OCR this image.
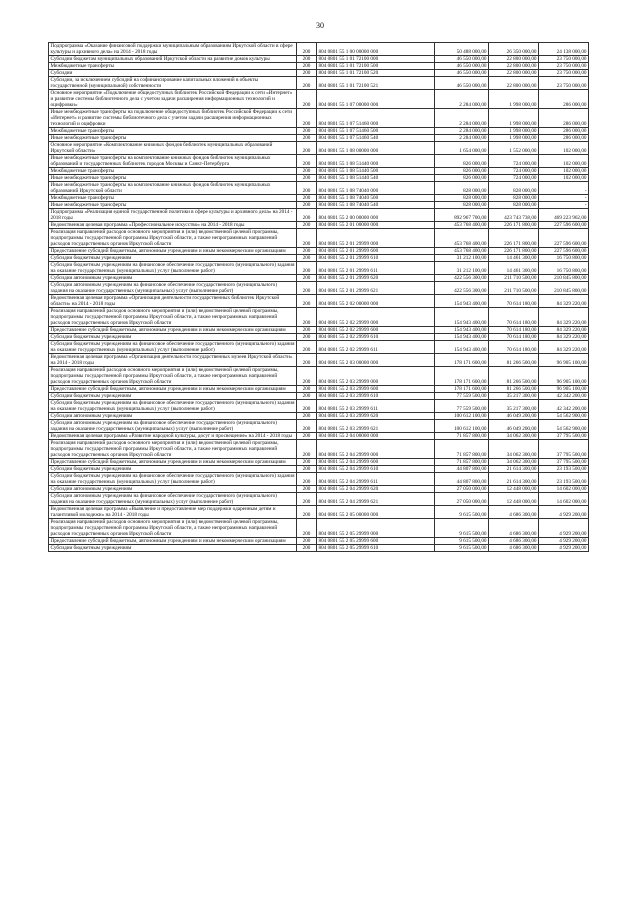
30
Подпрограмма «Оказание финансовой поддержки муниципальным образованиям Иркутской области в сфере культуры и архивного дела» на 2014 - 2018 годы	200	804 0801 55 1 00 00000 000	50 488 000,00	26 350 000,00	24 138 000,00
Субсидии бюджетам муниципальных образований Иркутской области на развитие домов культуры	200	804 0801 55 1 01 72100 000	46 550 000,00	22 800 000,00	23 750 000,00
Межбюджетные трансферты	200	804 0801 55 1 01 72100 500	46 550 000,00	22 800 000,00	23 750 000,00
Субсидии	200	804 0801 55 1 01 72100 520	46 550 000,00	22 800 000,00	23 750 000,00
Субсидии, за исключением субсидий на софинансирование капитальных вложений в объекты государственной (муниципальной) собственности	200	804 0801 55 1 01 72100 521	46 550 000,00	22 800 000,00	23 750 000,00
Основное мероприятие «Подключение общедоступных библиотек Российской Федерации к сети «Интернет» и развитие системы библиотечного дела с учетом задачи расширения информационных технологий и оцифровки»	200	804 0801 55 1 07 00000 000	2 284 000,00	1 998 000,00	286 000,00
Иные межбюджетные трансферты на подключение общедоступных библиотек Российской Федерации к сети «Интернет» и развитие системы библиотечного дела с учетом задачи расширения информационных технологий и оцифровки	200	804 0801 55 1 07 51460 000	2 284 000,00	1 998 000,00	286 000,00
Межбюджетные трансферты	200	804 0801 55 1 07 51460 500	2 284 000,00	1 998 000,00	286 000,00
Иные межбюджетные трансферты	200	804 0801 55 1 07 51460 540	2 284 000,00	1 998 000,00	286 000,00
Основное мероприятие «Комплектование книжных фондов библиотек муниципальных образований Иркутской области»	200	804 0801 55 1 08 00000 000	1 654 000,00	1 552 000,00	102 000,00
Иные межбюджетные трансферты на комплектование книжных фондов библиотек муниципальных образований и государственных библиотек городов Москвы и Санкт-Петербурга	200	804 0801 55 1 08 51440 000	826 000,00	724 000,00	102 000,00
Межбюджетные трансферты	200	804 0801 55 1 08 51440 500	826 000,00	724 000,00	102 000,00
Иные межбюджетные трансферты	200	804 0801 55 1 08 51440 540	826 000,00	724 000,00	102 000,00
Иные межбюджетные трансферты на комплектование книжных фондов библиотек муниципальных образований Иркутской области	200	804 0801 55 1 08 74040 000	828 000,00	828 000,00	-
Межбюджетные трансферты	200	804 0801 55 1 08 74040 500	828 000,00	828 000,00	-
Иные межбюджетные трансферты	200	804 0801 55 1 08 74040 540	828 000,00	828 000,00	-
Подпрограмма «Реализация единой государственной политики в сфере культуры и архивного дела» на 2014 - 2018 годы	200	804 0801 55 2 00 00000 000	892 967 700,00	423 743 738,00	469 223 962,00
Ведомственная целевая программа «Профессиональное искусство» на 2014 - 2018 годы	200	804 0801 55 2 01 00000 000	453 768 400,00	226 171 800,00	227 596 600,00
Реализация направлений расходов основного мероприятия и (или) ведомственной целевой программы, подпрограммы государственной программы Иркутской области, а также непрограммных направлений расходов государственных органов Иркутской области	200	804 0801 55 2 01 29999 000	453 768 400,00	226 171 800,00	227 596 600,00
Предоставление субсидий бюджетным, автономным учреждениям и иным некоммерческим организациям	200	804 0801 55 2 01 29999 600	453 768 400,00	226 171 800,00	227 596 600,00
Субсидии бюджетным учреждениям	200	804 0801 55 2 01 29999 610	31 212 100,00	14 461 300,00	16 750 800,00
Субсидии бюджетным учреждениям на финансовое обеспечение государственного (муниципального) задания на оказание государственных (муниципальных) услуг (выполнение работ)	200	804 0801 55 2 01 29999 611	31 212 100,00	14 461 300,00	16 750 800,00
Субсидии автономным учреждениям	200	804 0801 55 2 01 29999 620	422 556 300,00	211 710 500,00	210 845 800,00
Субсидии автономным учреждениям на финансовое обеспечение государственного (муниципального) задания на оказание государственных (муниципальных) услуг (выполнение работ)	200	804 0801 55 2 01 29999 621	422 556 300,00	211 710 500,00	210 845 800,00
Ведомственная целевая программа «Организация деятельности государственных библиотек Иркутской области» на 2014 - 2018 годы	200	804 0801 55 2 02 00000 000	154 943 400,00	70 614 180,00	84 329 220,00
Реализация направлений расходов основного мероприятия и (или) ведомственной целевой программы, подпрограммы государственной программы Иркутской области, а также непрограммных направлений расходов государственных органов Иркутской области	200	804 0801 55 2 02 29999 000	154 943 400,00	70 614 180,00	84 329 220,00
Предоставление субсидий бюджетным, автономным учреждениям и иным некоммерческим организациям	200	804 0801 55 2 02 29999 600	154 943 400,00	70 614 180,00	84 329 220,00
Субсидии бюджетным учреждениям	200	804 0801 55 2 02 29999 610	154 943 400,00	70 614 180,00	84 329 220,00
Субсидии бюджетным учреждениям на финансовое обеспечение государственного (муниципального) задания на оказание государственных (муниципальных) услуг (выполнение работ)	200	804 0801 55 2 02 29999 611	154 943 400,00	70 614 180,00	84 329 220,00
Ведомственная целевая программа «Организация деятельности государственных музеев Иркутской области» на 2014 - 2018 годы	200	804 0801 55 2 03 00000 000	178 171 600,00	81 266 500,00	96 905 100,00
Реализация направлений расходов основного мероприятия и (или) ведомственной целевой программы, подпрограммы государственной программы Иркутской области, а также непрограммных направлений расходов государственных органов Иркутской области	200	804 0801 55 2 03 29999 000	178 171 600,00	81 266 500,00	96 905 100,00
Предоставление субсидий бюджетным, автономным учреждениям и иным некоммерческим организациям	200	804 0801 55 2 03 29999 600	178 171 600,00	81 266 500,00	96 905 100,00
Субсидии бюджетным учреждениям	200	804 0801 55 2 03 29999 610	77 559 500,00	35 217 300,00	42 342 200,00
Субсидии бюджетным учреждениям на финансовое обеспечение государственного (муниципального) задания на оказание государственных (муниципальных) услуг (выполнение работ)	200	804 0801 55 2 03 29999 611	77 559 500,00	35 217 300,00	42 342 200,00
Субсидии автономным учреждениям	200	804 0801 55 2 03 29999 620	100 612 100,00	46 049 200,00	54 562 900,00
Субсидии автономным учреждениям на финансовое обеспечение государственного (муниципального) задания на оказание государственных (муниципальных) услуг (выполнение работ)	200	804 0801 55 2 03 29999 621	100 612 100,00	46 049 200,00	54 562 900,00
Ведомственная целевая программа «Развитие народной культуры, досуг и просвещение» на 2014 - 2018 годы	200	804 0801 55 2 04 00000 000	71 857 800,00	34 062 300,00	37 795 500,00
Реализация направлений расходов основного мероприятия и (или) ведомственной целевой программы, подпрограммы государственной программы Иркутской области, а также непрограммных направлений расходов государственных органов Иркутской области	200	804 0801 55 2 04 29999 000	71 857 800,00	34 062 300,00	37 795 500,00
Предоставление субсидий бюджетным, автономным учреждениям и иным некоммерческим организациям	200	804 0801 55 2 04 29999 600	71 857 800,00	34 062 300,00	37 795 500,00
Субсидии бюджетным учреждениям	200	804 0801 55 2 04 29999 610	44 807 800,00	21 614 300,00	23 193 500,00
Субсидии бюджетным учреждениям на финансовое обеспечение государственного (муниципального) задания на оказание государственных (муниципальных) услуг (выполнение работ)	200	804 0801 55 2 04 29999 611	44 807 800,00	21 614 300,00	23 193 500,00
Субсидии автономным учреждениям	200	804 0801 55 2 04 29999 620	27 050 000,00	12 448 000,00	14 602 000,00
Субсидии автономным учреждениям на финансовое обеспечение государственного (муниципального) задания на оказание государственных (муниципальных) услуг (выполнение работ)	200	804 0801 55 2 04 29999 621	27 050 000,00	12 448 000,00	14 602 000,00
Ведомственная целевая программа «Выявление и предоставление мер поддержки одаренным детям и талантливой молодежи» на 2014 - 2018 годы	200	804 0801 55 2 05 00000 000	9 615 500,00	4 686 300,00	4 929 200,00
Реализация направлений расходов основного мероприятия и (или) ведомственной целевой программы, подпрограммы государственной программы Иркутской области, а также непрограммных направлений расходов государственных органов Иркутской области	200	804 0801 55 2 05 29999 000	9 615 500,00	4 686 300,00	4 929 200,00
Предоставление субсидий бюджетным, автономным учреждениям и иным некоммерческим организациям	200	804 0801 55 2 05 29999 600	9 615 500,00	4 686 300,00	4 929 200,00
Субсидии бюджетным учреждениям	200	804 0801 55 2 05 29999 610	9 615 500,00	4 686 300,00	4 929 200,00
